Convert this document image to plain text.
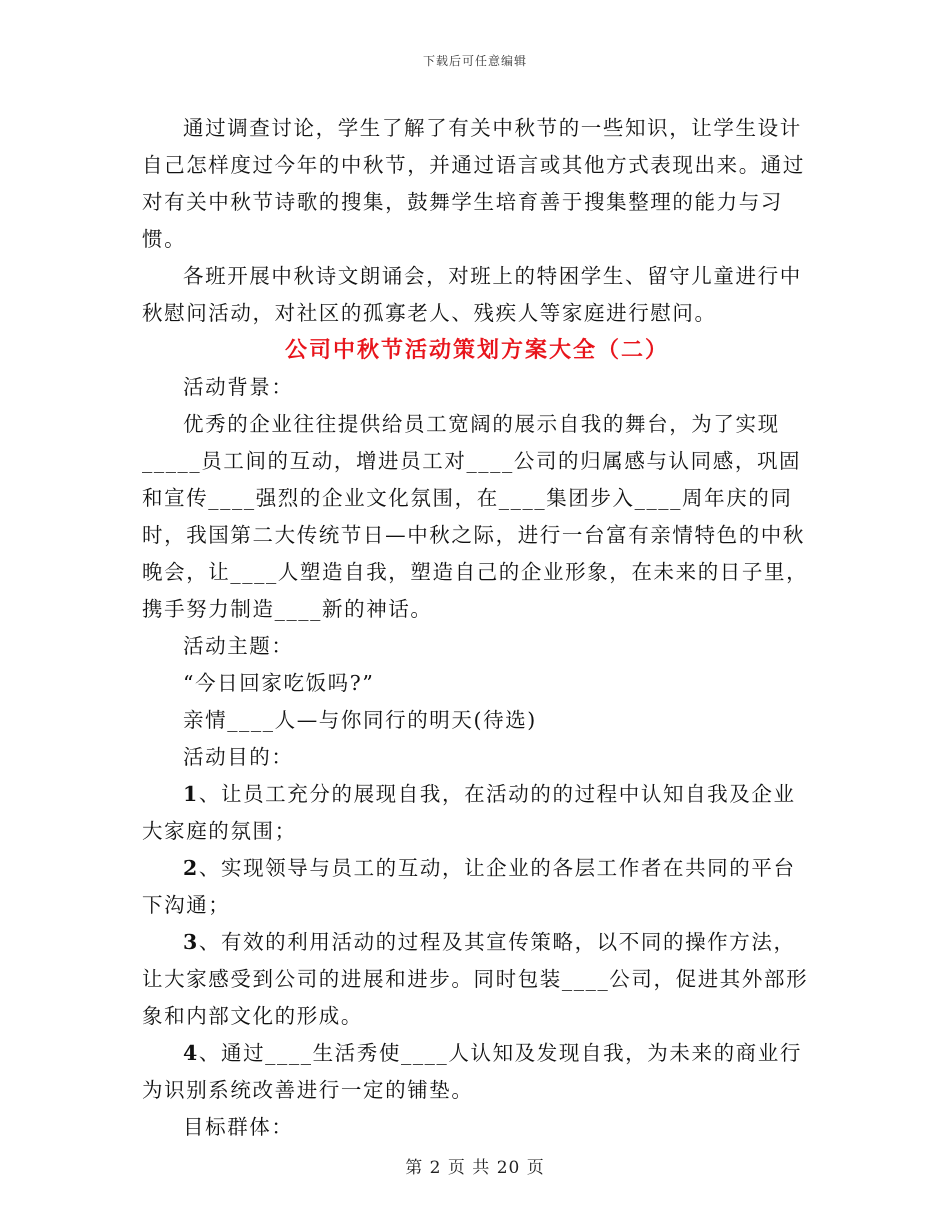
下载后可任意编辑

通过调查讨论，学生了解了有关中秋节的一些知识，让学生设计自己怎样度过今年的中秋节，并通过语言或其他方式表现出来。通过对有关中秋节诗歌的搜集，鼓舞学生培育善于搜集整理的能力与习惯。

各班开展中秋诗文朗诵会，对班上的特困学生、留守儿童进行中秋慰问活动，对社区的孤寡老人、残疾人等家庭进行慰问。

公司中秋节活动策划方案大全（二）

活动背景：

优秀的企业往往提供给员工宽阔的展示自我的舞台，为了实现_____员工间的互动，增进员工对____公司的归属感与认同感，巩固和宣传____强烈的企业文化氛围，在____集团步入____周年庆的同时，我国第二大传统节日—中秋之际，进行一台富有亲情特色的中秋晚会，让____人塑造自我，塑造自己的企业形象，在未来的日子里，携手努力制造____新的神话。

活动主题：

“今日回家吃饭吗?”

亲情____人—与你同行的明天(待选)

活动目的：

1、让员工充分的展现自我，在活动的的过程中认知自我及企业大家庭的氛围；

2、实现领导与员工的互动，让企业的各层工作者在共同的平台下沟通；

3、有效的利用活动的过程及其宣传策略，以不同的操作方法，让大家感受到公司的进展和进步。同时包装____公司，促进其外部形象和内部文化的形成。

4、通过____生活秀使____人认知及发现自我，为未来的商业行为识别系统改善进行一定的铺垫。

目标群体：

第 2 页 共 20 页
